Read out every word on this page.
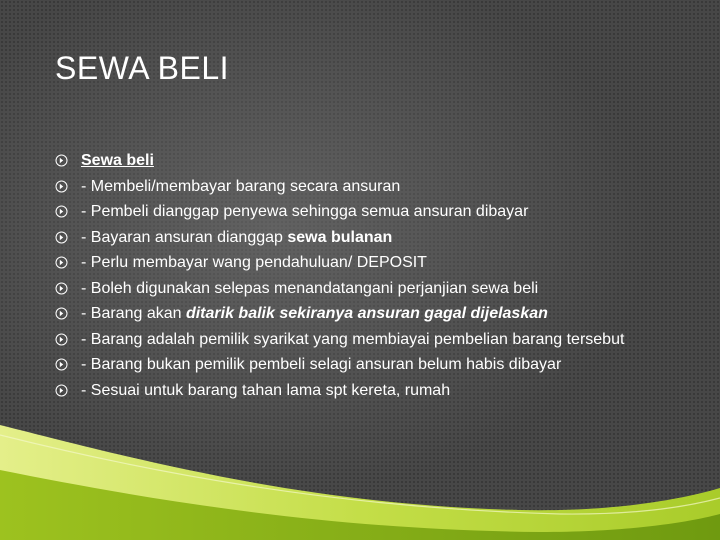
SEWA BELI
Sewa beli
- Membeli/membayar barang secara ansuran
- Pembeli dianggap penyewa sehingga semua ansuran dibayar
- Bayaran ansuran dianggap sewa bulanan
- Perlu membayar wang pendahuluan/ DEPOSIT
- Boleh digunakan selepas menandatangani perjanjian sewa beli
- Barang akan ditarik balik sekiranya ansuran gagal dijelaskan
- Barang adalah pemilik syarikat yang membiayai pembelian barang tersebut
- Barang bukan pemilik pembeli selagi ansuran belum habis dibayar
- Sesuai untuk barang tahan lama spt kereta, rumah
